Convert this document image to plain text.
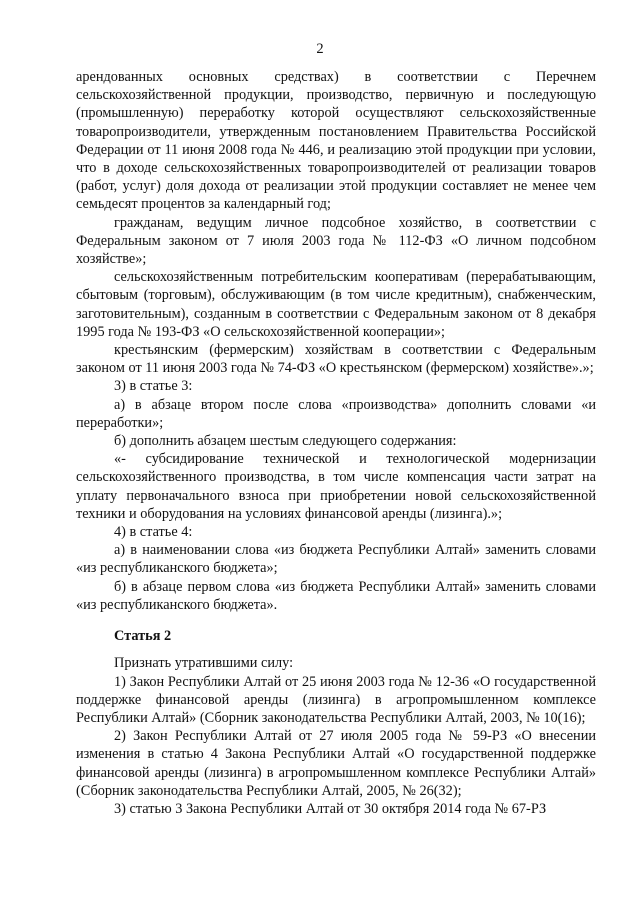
2

арендованных основных средствах) в соответствии с Перечнем сельскохозяйственной продукции, производство, первичную и последующую (промышленную) переработку которой осуществляют сельскохозяйственные товаропроизводители, утвержденным постановлением Правительства Российской Федерации от 11 июня 2008 года № 446, и реализацию этой продукции при условии, что в доходе сельскохозяйственных товаропроизводителей от реализации товаров (работ, услуг) доля дохода от реализации этой продукции составляет не менее чем семьдесят процентов за календарный год;

гражданам, ведущим личное подсобное хозяйство, в соответствии с Федеральным законом от 7 июля 2003 года № 112-ФЗ «О личном подсобном хозяйстве»;

сельскохозяйственным потребительским кооперативам (перерабатывающим, сбытовым (торговым), обслуживающим (в том числе кредитным), снабженческим, заготовительным), созданным в соответствии с Федеральным законом от 8 декабря 1995 года № 193-ФЗ «О сельскохозяйственной кооперации»;

крестьянским (фермерским) хозяйствам в соответствии с Федеральным законом от 11 июня 2003 года № 74-ФЗ «О крестьянском (фермерском) хозяйстве».»;

3) в статье 3:

а) в абзаце втором после слова «производства» дополнить словами «и переработки»;

б) дополнить абзацем шестым следующего содержания:

«- субсидирование технической и технологической модернизации сельскохозяйственного производства, в том числе компенсация части затрат на уплату первоначального взноса при приобретении новой сельскохозяйственной техники и оборудования на условиях финансовой аренды (лизинга).»;

4) в статье 4:

а) в наименовании слова «из бюджета Республики Алтай» заменить словами «из республиканского бюджета»;

б) в абзаце первом слова «из бюджета Республики Алтай» заменить словами «из республиканского бюджета».

Статья 2

Признать утратившими силу:

1) Закон Республики Алтай от 25 июня 2003 года № 12-36 «О государственной поддержке финансовой аренды (лизинга) в агропромышленном комплексе Республики Алтай» (Сборник законодательства Республики Алтай, 2003, № 10(16);

2) Закон Республики Алтай от 27 июля 2005 года № 59-РЗ «О внесении изменения в статью 4 Закона Республики Алтай «О государственной поддержке финансовой аренды (лизинга) в агропромышленном комплексе Республики Алтай» (Сборник законодательства Республики Алтай, 2005, № 26(32);

3) статью 3 Закона Республики Алтай от 30 октября 2014 года № 67-РЗ
